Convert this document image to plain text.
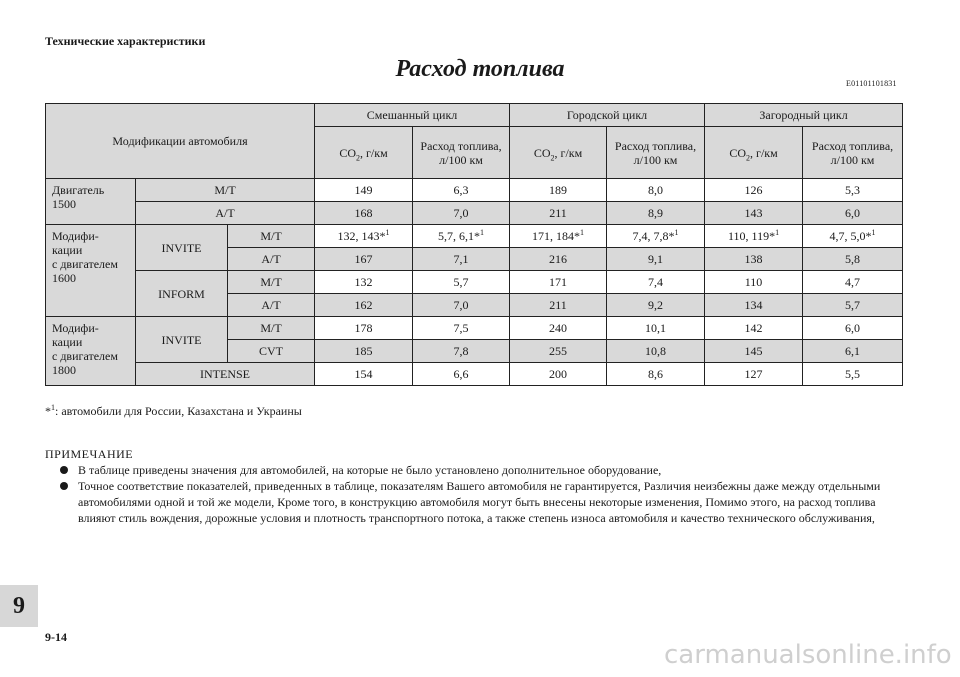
Технические характеристики
Расход топлива
E01101101831
Модификации автомобиля			Смешанный цикл		Городской цикл		Загородный цикл	
			$CO_2$, г/км	Расход топлива, л/100 км	$CO_2$, г/км	Расход топлива, л/100 км	$CO_2$, г/км	Расход топлива, л/100 км
Двигатель 1500	M/T		149	6,3	189	8,0	126	5,3
	A/T		168	7,0	211	8,9	143	6,0
Модифи-
кации
с двигателем
1600	INVITE	M/T	132, 143*$^1$	5,7, 6,1*$^1$	171, 184*$^1$	7,4, 7,8*$^1$	110, 119*$^1$	4,7, 5,0*$^1$
		A/T	167	7,1	216	9,1	138	5,8
	INFORM	M/T	132	5,7	171	7,4	110	4,7
		A/T	162	7,0	211	9,2	134	5,7
Модифи-
кации
с двигателем
1800	INVITE	M/T	178	7,5	240	10,1	142	6,0
		CVT	185	7,8	255	10,8	145	6,1
	INTENSE		154	6,6	200	8,6	127	5,5
*$^1$: автомобили для России, Казахстана и Украины
ПРИМЕЧАНИЕ
В таблице приведены значения для автомобилей, на которые не было установлено дополнительное оборудование,
Точное соответствие показателей, приведенных в таблице, показателям Вашего автомобиля не гарантируется, Различия неизбежны даже между отдельными автомобилями одной и той же модели, Кроме того, в конструкцию автомобиля могут быть внесены некоторые изменения, Помимо этого, на расход топлива влияют стиль вождения, дорожные условия и плотность транспортного потока, а также степень износа автомобиля и качество технического обслуживания,
9
9-14
carmanualsonline.info
